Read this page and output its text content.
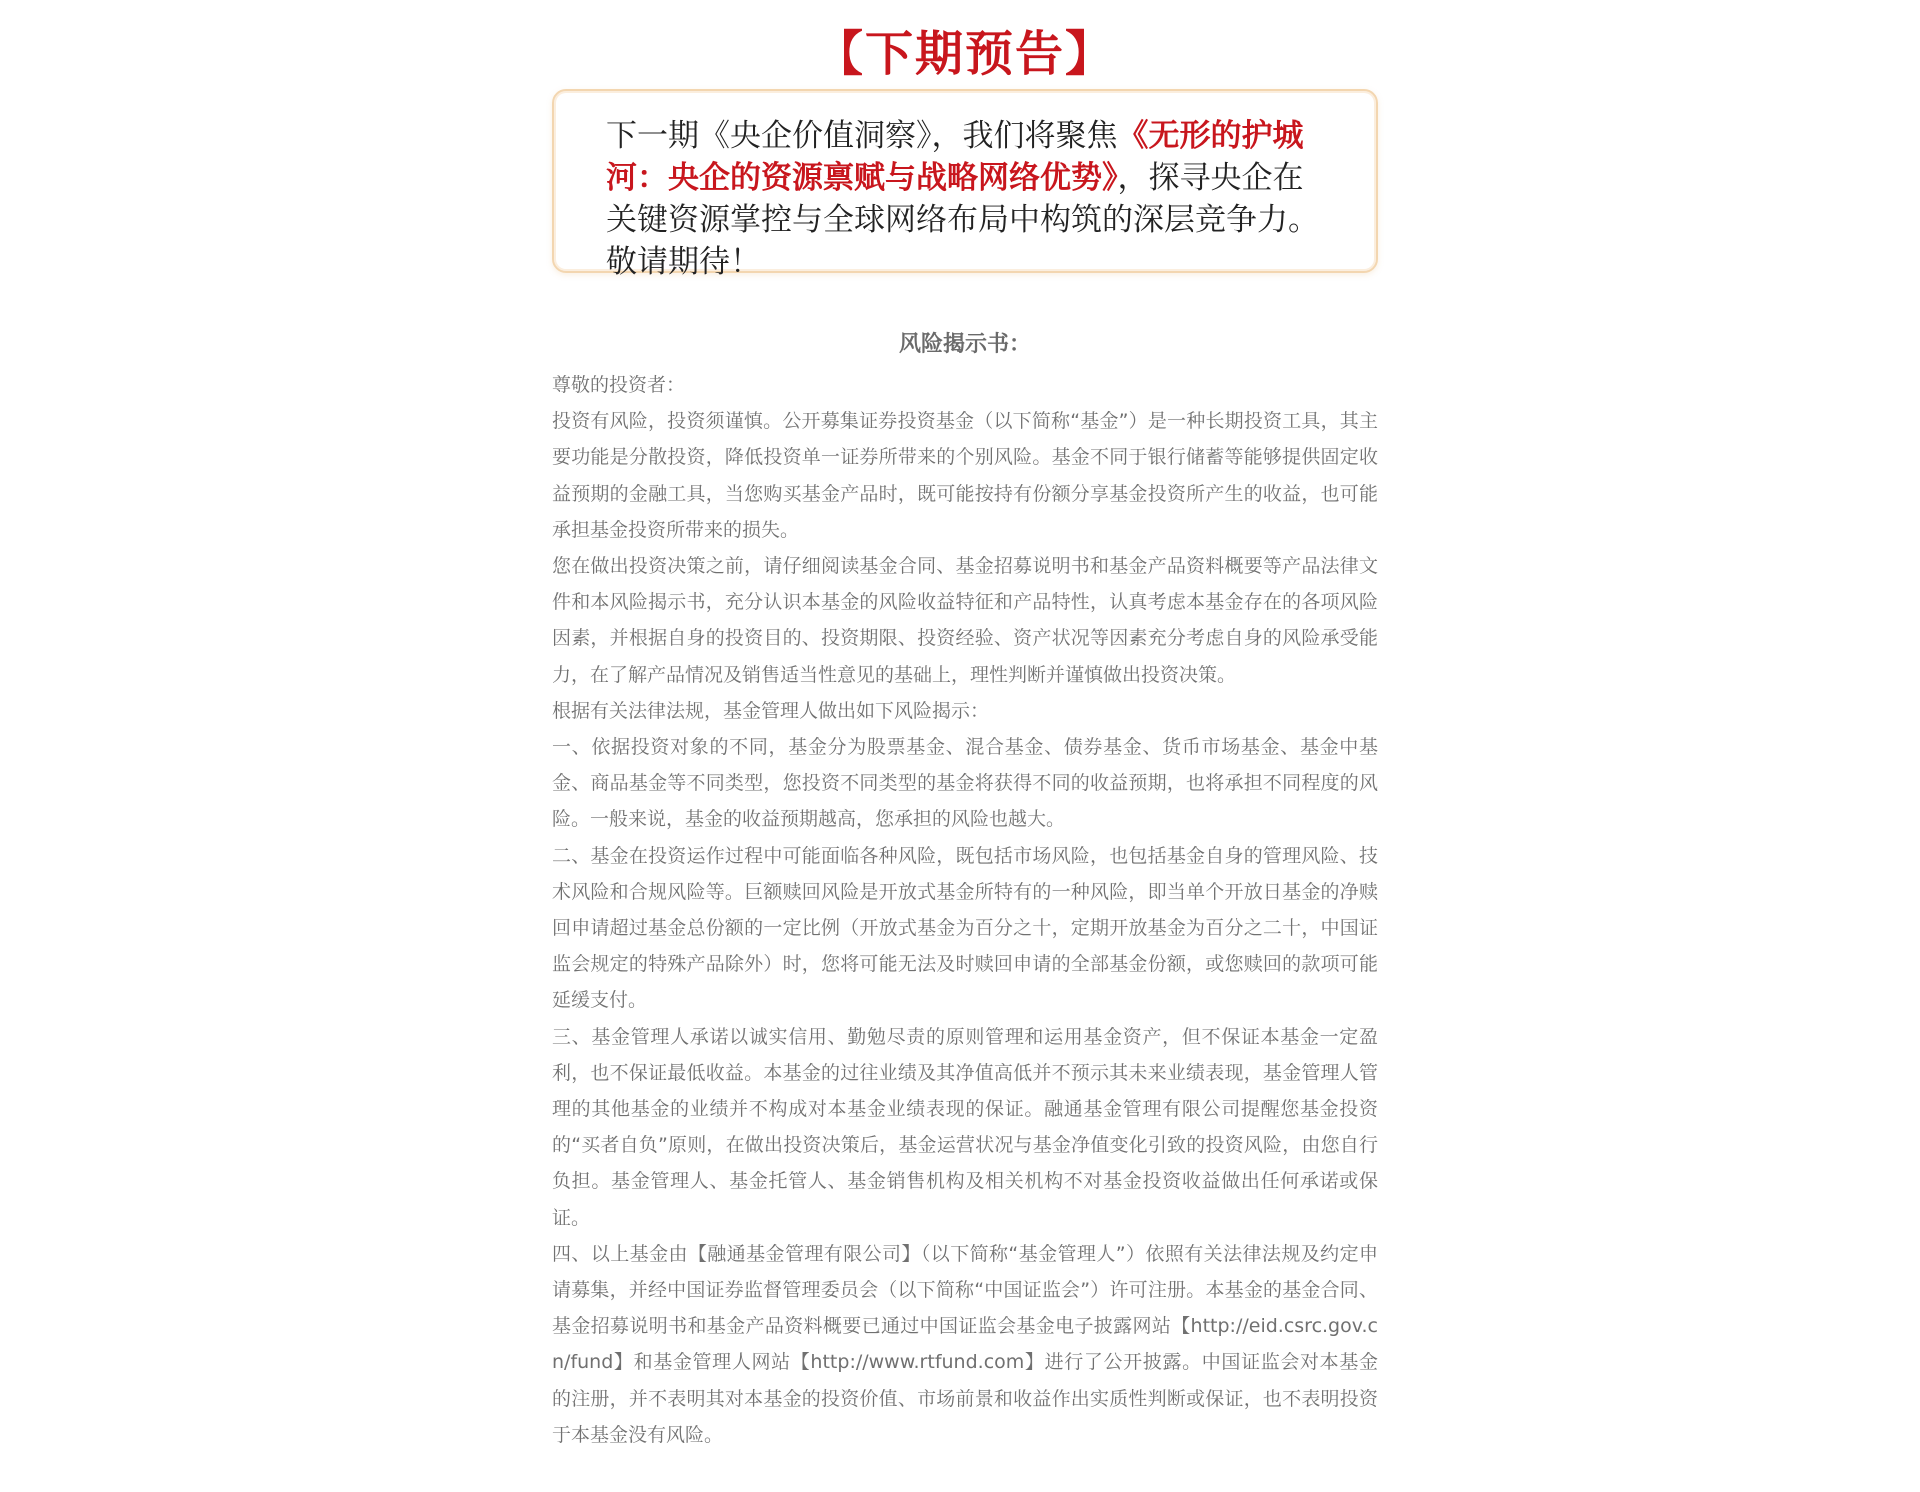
【下期预告】
下一期《央企价值洞察》，我们将聚焦《无形的护城河：央企的资源禀赋与战略网络优势》，探寻央企在关键资源掌控与全球网络布局中构筑的深层竞争力。敬请期待！
风险揭示书：

尊敬的投资者：

投资有风险，投资须谨慎。公开募集证券投资基金（以下简称“基金”）是一种长期投资工具，其主要功能是分散投资，降低投资单一证券所带来的个别风险。基金不同于银行储蓄等能够提供固定收益预期的金融工具，当您购买基金产品时，既可能按持有份额分享基金投资所产生的收益，也可能承担基金投资所带来的损失。

您在做出投资决策之前，请仔细阅读基金合同、基金招募说明书和基金产品资料概要等产品法律文件和本风险揭示书，充分认识本基金的风险收益特征和产品特性，认真考虑本基金存在的各项风险因素，并根据自身的投资目的、投资期限、投资经验、资产状况等因素充分考虑自身的风险承受能力，在了解产品情况及销售适当性意见的基础上，理性判断并谨慎做出投资决策。

根据有关法律法规，基金管理人做出如下风险揭示：

一、依据投资对象的不同，基金分为股票基金、混合基金、债券基金、货币市场基金、基金中基金、商品基金等不同类型，您投资不同类型的基金将获得不同的收益预期，也将承担不同程度的风险。一般来说，基金的收益预期越高，您承担的风险也越大。

二、基金在投资运作过程中可能面临各种风险，既包括市场风险，也包括基金自身的管理风险、技术风险和合规风险等。巨额赎回风险是开放式基金所特有的一种风险，即当单个开放日基金的净赎回申请超过基金总份额的一定比例（开放式基金为百分之十，定期开放基金为百分之二十，中国证监会规定的特殊产品除外）时，您将可能无法及时赎回申请的全部基金份额，或您赎回的款项可能延缓支付。

三、基金管理人承诺以诚实信用、勤勉尽责的原则管理和运用基金资产，但不保证本基金一定盈利，也不保证最低收益。本基金的过往业绩及其净值高低并不预示其未来业绩表现，基金管理人管理的其他基金的业绩并不构成对本基金业绩表现的保证。融通基金管理有限公司提醒您基金投资的“买者自负”原则，在做出投资决策后，基金运营状况与基金净值变化引致的投资风险，由您自行负担。基金管理人、基金托管人、基金销售机构及相关机构不对基金投资收益做出任何承诺或保证。

四、以上基金由【融通基金管理有限公司】（以下简称“基金管理人”）依照有关法律法规及约定申请募集，并经中国证券监督管理委员会（以下简称“中国证监会”）许可注册。本基金的基金合同、基金招募说明书和基金产品资料概要已通过中国证监会基金电子披露网站【http://eid.csrc.gov.cn/fund】和基金管理人网站【http://www.rtfund.com】进行了公开披露。中国证监会对本基金的注册，并不表明其对本基金的投资价值、市场前景和收益作出实质性判断或保证，也不表明投资于本基金没有风险。
